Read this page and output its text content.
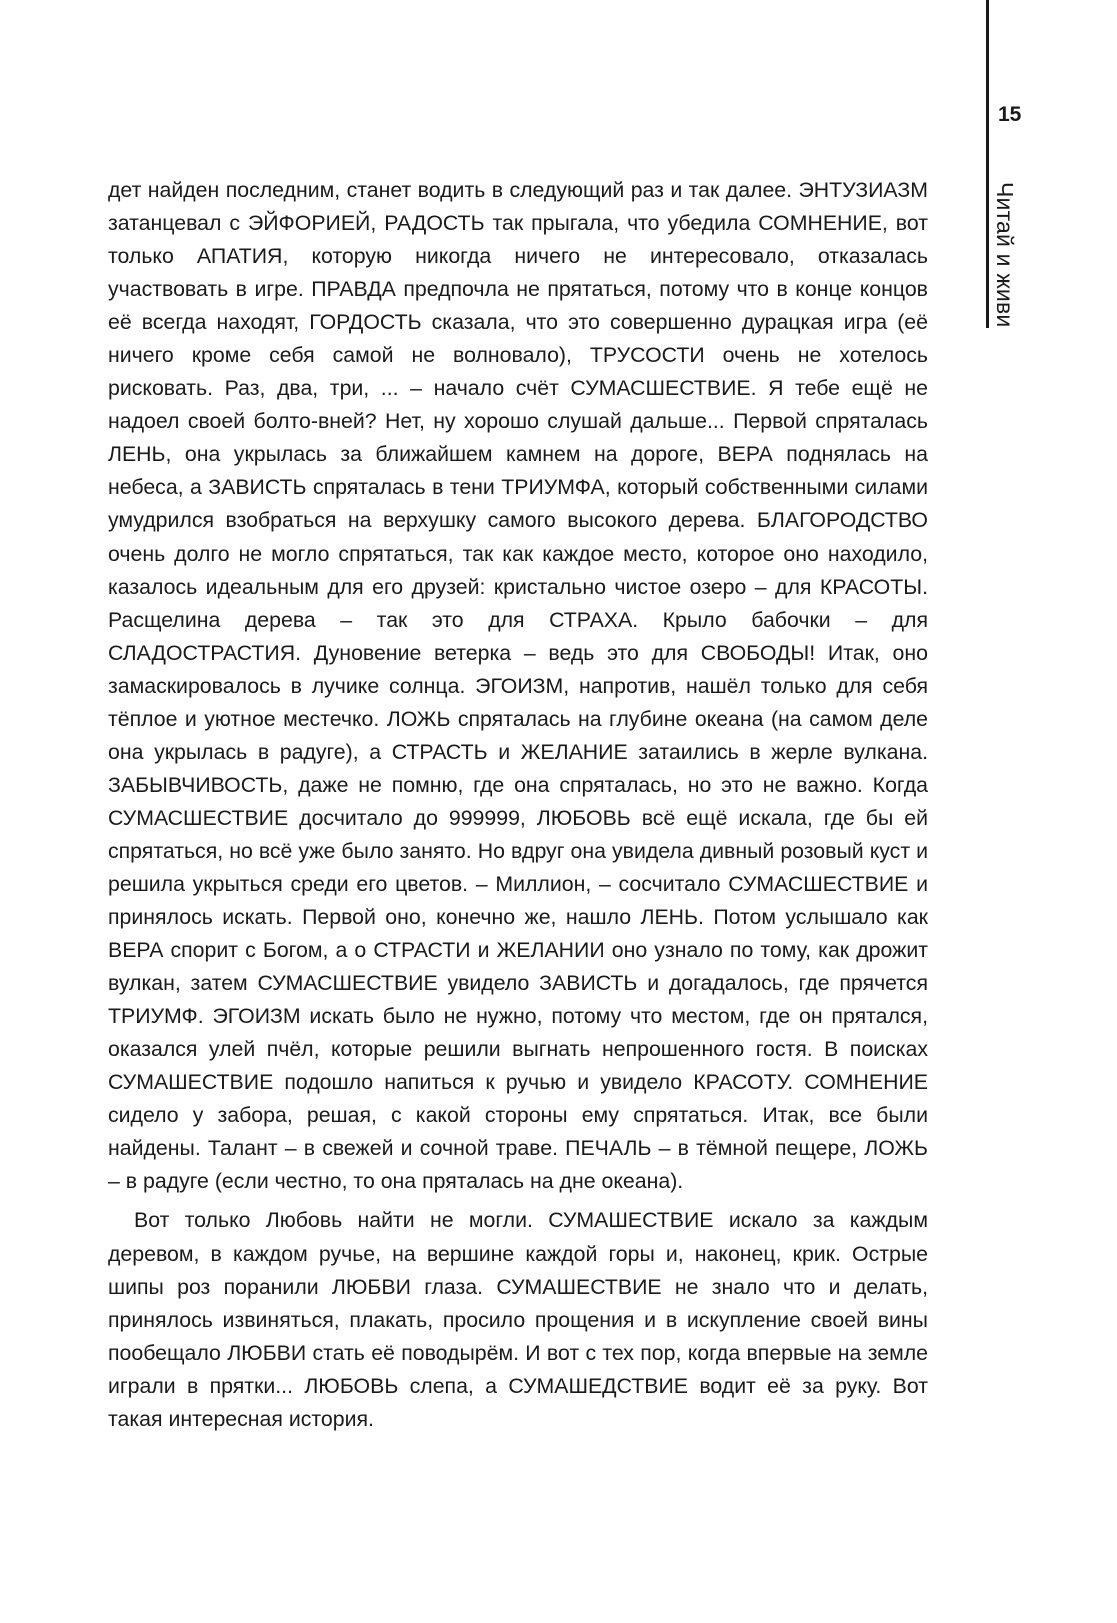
15
Читай и живи

дет найден последним, станет водить в следующий раз и так далее. ЭНТУЗИАЗМ затанцевал с ЭЙФОРИЕЙ, РАДОСТЬ так прыгала, что убедила СОМНЕНИЕ, вот только АПАТИЯ, которую никогда ничего не интересовало, отказалась участвовать в игре. ПРАВДА предпочла не прятаться, потому что в конце концов её всегда находят, ГОРДОСТЬ сказала, что это совершенно дурацкая игра (её ничего кроме себя самой не волновало), ТРУСОСТИ очень не хотелось рисковать. Раз, два, три, ... – начало счёт СУМАСШЕСТВИЕ. Я тебе ещё не надоел своей болто-вней? Нет, ну хорошо слушай дальше... Первой спряталась ЛЕНЬ, она укрылась за ближайшем камнем на дороге, ВЕРА поднялась на небеса, а ЗАВИСТЬ спряталась в тени ТРИУМФА, который собственными силами умудрился взобраться на верхушку самого высокого дерева. БЛАГОРОДСТВО очень долго не могло спрятаться, так как каждое место, которое оно находило, казалось идеальным для его друзей: кристально чистое озеро – для КРАСОТЫ. Расщелина дерева – так это для СТРАХА. Крыло бабочки – для СЛАДОСТРАСТИЯ. Дуновение ветерка – ведь это для СВОБОДЫ! Итак, оно замаскировалось в лучике солнца. ЭГОИЗМ, напротив, нашёл только для себя тёплое и уютное местечко. ЛОЖЬ спряталась на глубине океана (на самом деле она укрылась в радуге), а СТРАСТЬ и ЖЕЛАНИЕ затаились в жерле вулкана. ЗАБЫВЧИВОСТЬ, даже не помню, где она спряталась, но это не важно. Когда СУМАСШЕСТВИЕ досчитало до 999999, ЛЮБОВЬ всё ещё искала, где бы ей спрятаться, но всё уже было занято. Но вдруг она увидела дивный розовый куст и решила укрыться среди его цветов. – Миллион, – сосчитало СУМАСШЕСТВИЕ и принялось искать. Первой оно, конечно же, нашло ЛЕНЬ. Потом услышало как ВЕРА спорит с Богом, а о СТРАСТИ и ЖЕЛАНИИ оно узнало по тому, как дрожит вулкан, затем СУМАСШЕСТВИЕ увидело ЗАВИСТЬ и догадалось, где прячется ТРИУМФ. ЭГОИЗМ искать было не нужно, потому что местом, где он прятался, оказался улей пчёл, которые решили выгнать непрошенного гостя. В поисках СУМАШЕСТВИЕ подошло напиться к ручью и увидело КРАСОТУ. СОМНЕНИЕ сидело у забора, решая, с какой стороны ему спрятаться. Итак, все были найдены. Талант – в свежей и сочной траве. ПЕЧАЛЬ – в тёмной пещере, ЛОЖЬ – в радуге (если честно, то она пряталась на дне океана).

Вот только Любовь найти не могли. СУМАШЕСТВИЕ искало за каждым деревом, в каждом ручье, на вершине каждой горы и, наконец, крик. Острые шипы роз поранили ЛЮБВИ глаза. СУМАШЕСТВИЕ не знало что и делать, принялось извиняться, плакать, просило прощения и в искупление своей вины пообещало ЛЮБВИ стать её поводырём. И вот с тех пор, когда впервые на земле играли в прятки... ЛЮБОВЬ слепа, а СУМАШЕДСТВИЕ водит её за руку. Вот такая интересная история.
